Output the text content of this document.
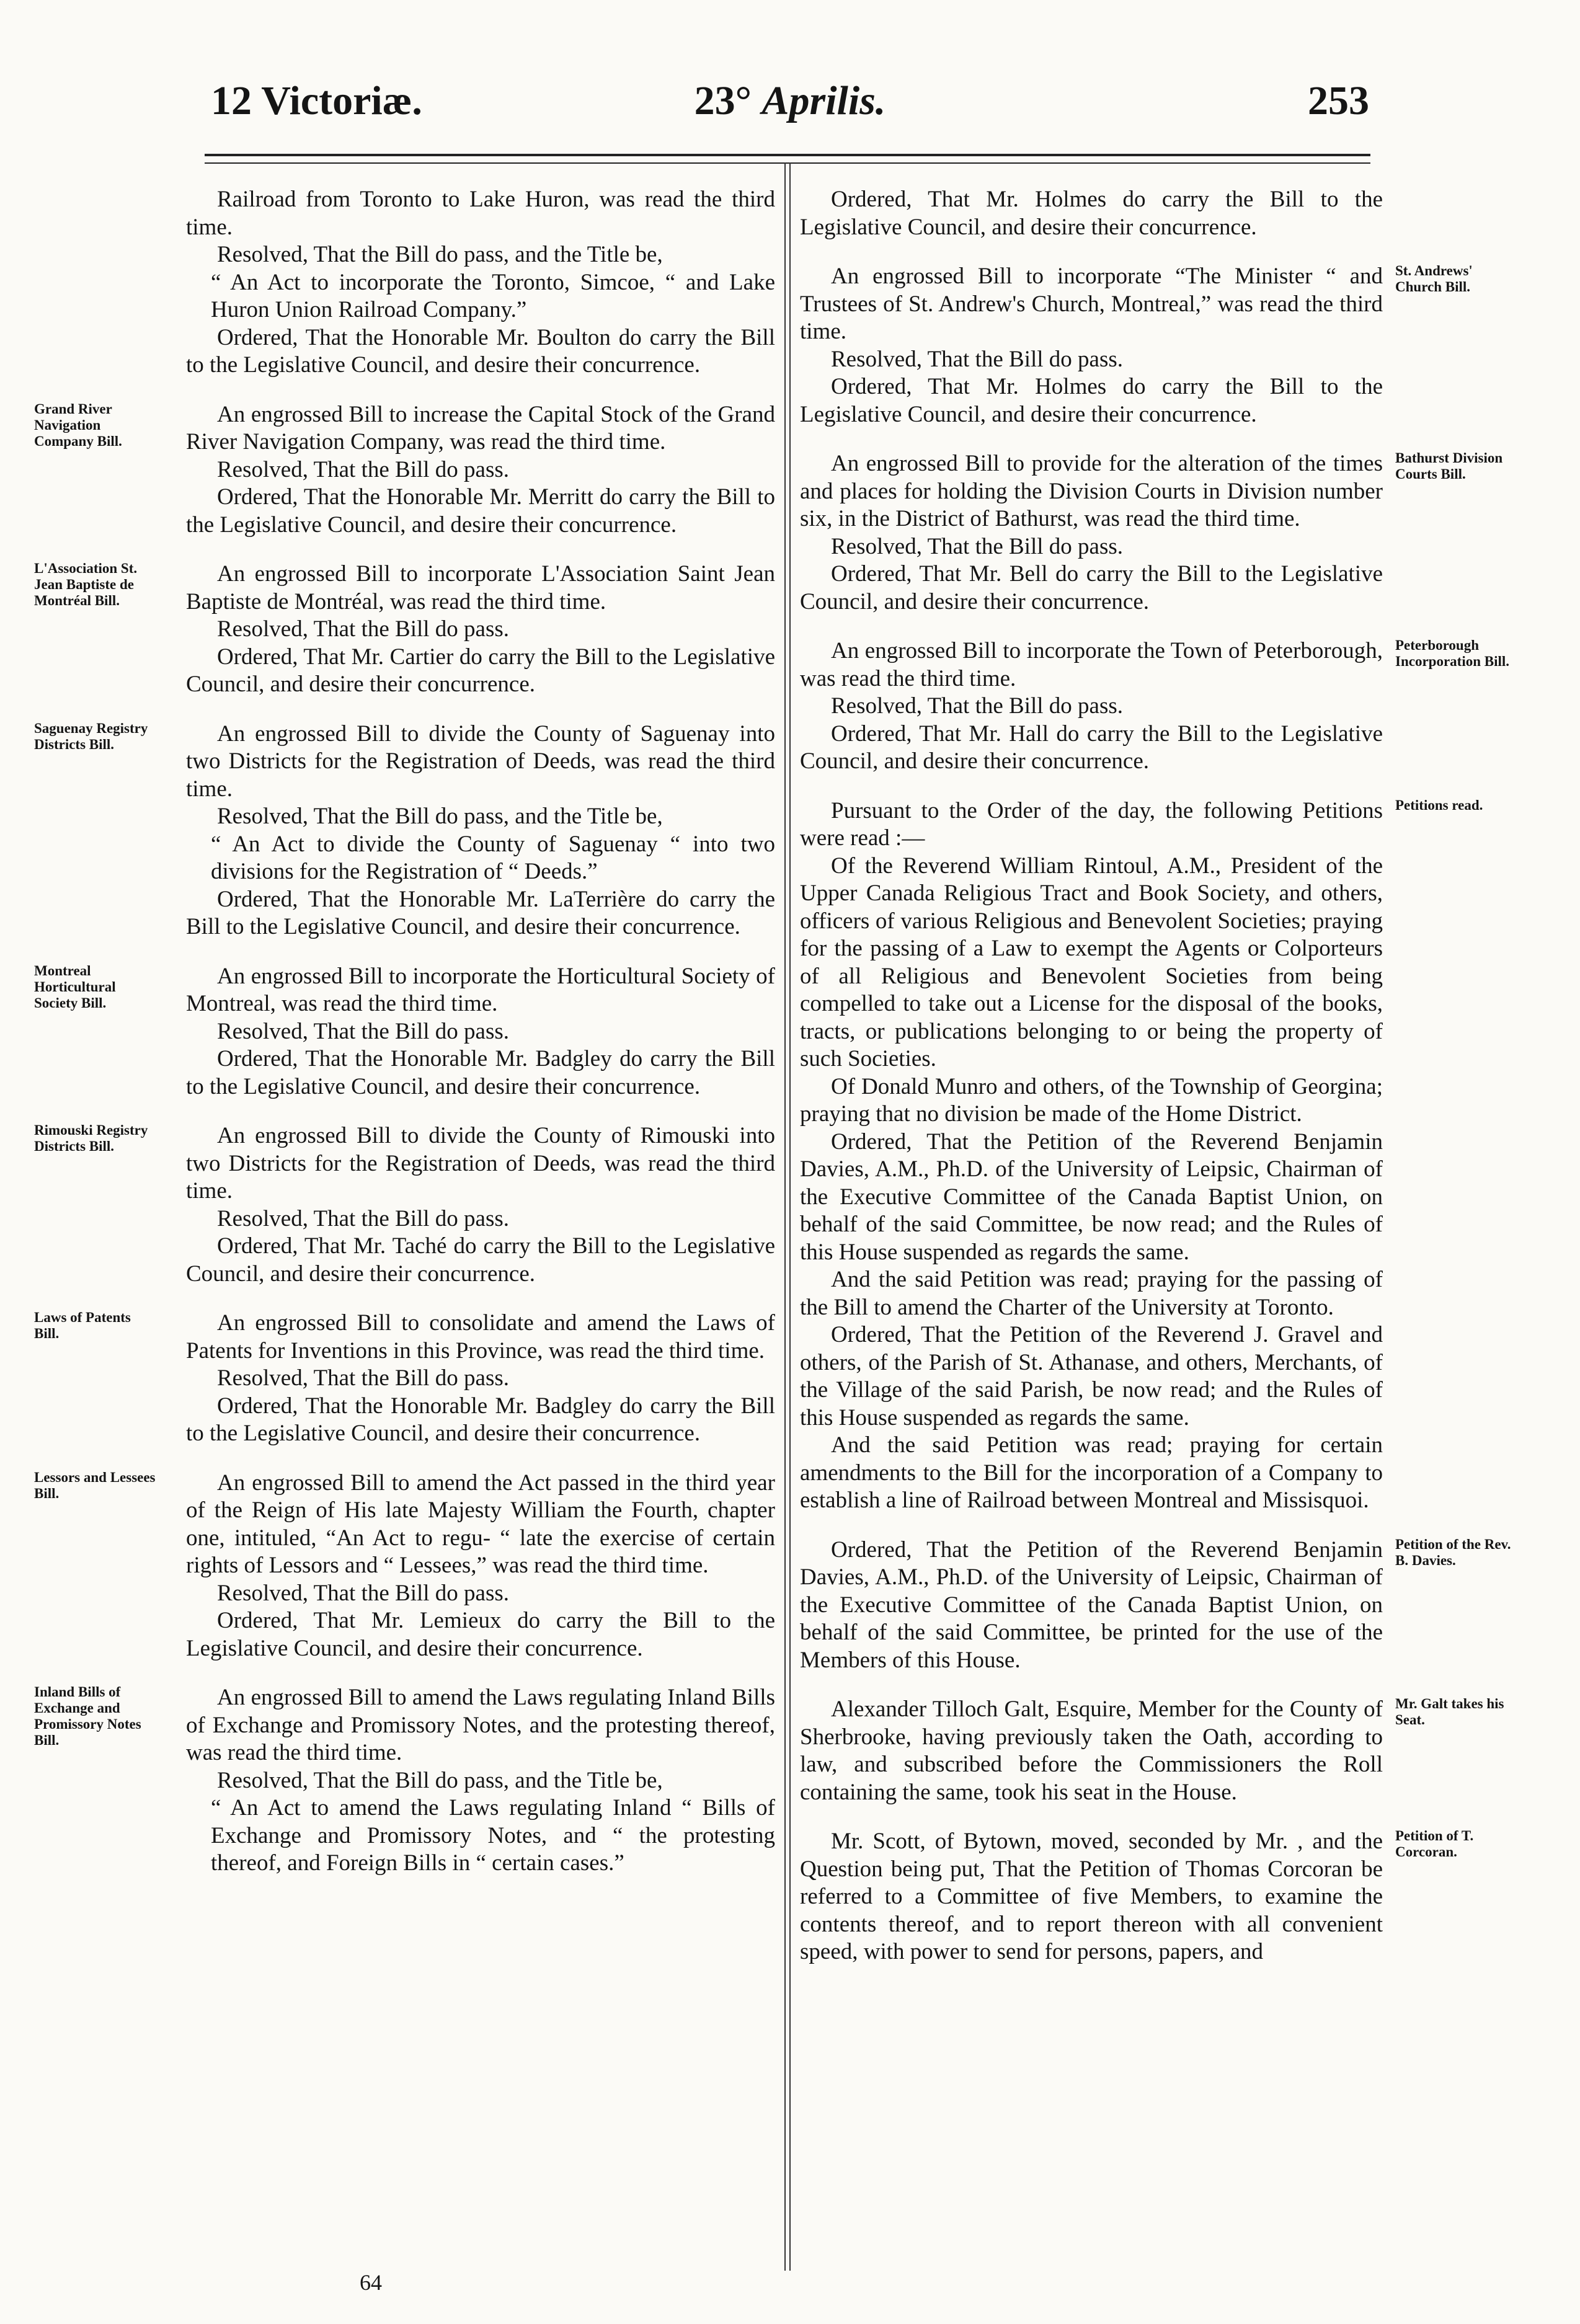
12 Victoriæ.	23° Aprilis.	253

Railroad from Toronto to Lake Huron, was read the third time.

Resolved, That the Bill do pass, and the Title be,

“ An Act to incorporate the Toronto, Simcoe, “ and Lake Huron Union Railroad Company.”

Ordered, That the Honorable Mr. Boulton do carry the Bill to the Legislative Council, and desire their concurrence.

Grand River Navigation Company Bill.

An engrossed Bill to increase the Capital Stock of the Grand River Navigation Company, was read the third time.

Resolved, That the Bill do pass.

Ordered, That the Honorable Mr. Merritt do carry the Bill to the Legislative Council, and desire their concurrence.

L'Association St. Jean Baptiste de Montréal Bill.

An engrossed Bill to incorporate L'Association Saint Jean Baptiste de Montréal, was read the third time.

Resolved, That the Bill do pass.

Ordered, That Mr. Cartier do carry the Bill to the Legislative Council, and desire their concurrence.

Saguenay Registry Districts Bill.	An engrossed Bill to divide the County of Saguenay into two Districts for the Registration of Deeds, was read the third time.

Resolved, That the Bill do pass, and the Title be,

“ An Act to divide the County of Saguenay “ into two divisions for the Registration of “ Deeds.”

Ordered, That the Honorable Mr. LaTerrière do carry the Bill to the Legislative Council, and desire their concurrence.

Montreal Horticultural Society Bill.

An engrossed Bill to incorporate the Horticultural Society of Montreal, was read the third time.

Resolved, That the Bill do pass.

Ordered, That the Honorable Mr. Badgley do carry the Bill to the Legislative Council, and desire their concurrence.

Rimouski Registry Districts Bill.	An engrossed Bill to divide the County of Rimouski into two Districts for the Registration of Deeds, was read the third time.

Resolved, That the Bill do pass.

Ordered, That Mr. Taché do carry the Bill to the Legislative Council, and desire their concurrence.

Laws of Patents Bill.	An engrossed Bill to consolidate and amend the Laws of Patents for Inventions in this Province, was read the third time.

Resolved, That the Bill do pass.

Ordered, That the Honorable Mr. Badgley do carry the Bill to the Legislative Council, and desire their concurrence.

Lessors and Lessees Bill.	An engrossed Bill to amend the Act passed in the third year of the Reign of His late Majesty William the Fourth, chapter one, intituled, “An Act to regu- “ late the exercise of certain rights of Lessors and “ Lessees,” was read the third time.

Resolved, That the Bill do pass.

Ordered, That Mr. Lemieux do carry the Bill to the Legislative Council, and desire their concurrence.

Inland Bills of Exchange and Promissory Notes Bill.

An engrossed Bill to amend the Laws regulating Inland Bills of Exchange and Promissory Notes, and the protesting thereof, was read the third time.

Resolved, That the Bill do pass, and the Title be,

“ An Act to amend the Laws regulating Inland “ Bills of Exchange and Promissory Notes, and “ the protesting thereof, and Foreign Bills in “ certain cases.”

Ordered, That Mr. Holmes do carry the Bill to the Legislative Council, and desire their concurrence.

St. Andrews' Church Bill.

An engrossed Bill to incorporate “The Minister “ and Trustees of St. Andrew's Church, Montreal,” was read the third time.

Resolved, That the Bill do pass.

Ordered, That Mr. Holmes do carry the Bill to the Legislative Council, and desire their concurrence.

Bathurst Division Courts Bill.

An engrossed Bill to provide for the alteration of the times and places for holding the Division Courts in Division number six, in the District of Bathurst, was read the third time.

Resolved, That the Bill do pass.

Ordered, That Mr. Bell do carry the Bill to the Legislative Council, and desire their concurrence.

Peterborough Incorporation Bill.

An engrossed Bill to incorporate the Town of Peterborough, was read the third time.

Resolved, That the Bill do pass.

Ordered, That Mr. Hall do carry the Bill to the Legislative Council, and desire their concurrence.

Petitions read.

Pursuant to the Order of the day, the following Petitions were read :—

Of the Reverend William Rintoul, A.M., President of the Upper Canada Religious Tract and Book Society, and others, officers of various Religious and Benevolent Societies; praying for the passing of a Law to exempt the Agents or Colporteurs of all Religious and Benevolent Societies from being compelled to take out a License for the disposal of the books, tracts, or publications belonging to or being the property of such Societies.

Of Donald Munro and others, of the Township of Georgina; praying that no division be made of the Home District.

Ordered, That the Petition of the Reverend Benjamin Davies, A.M., Ph.D. of the University of Leipsic, Chairman of the Executive Committee of the Canada Baptist Union, on behalf of the said Committee, be now read; and the Rules of this House suspended as regards the same.

And the said Petition was read; praying for the passing of the Bill to amend the Charter of the University at Toronto.

Ordered, That the Petition of the Reverend J. Gravel and others, of the Parish of St. Athanase, and others, Merchants, of the Village of the said Parish, be now read; and the Rules of this House suspended as regards the same.

And the said Petition was read; praying for certain amendments to the Bill for the incorporation of a Company to establish a line of Railroad between Montreal and Missisquoi.

Petition of the Rev. B. Davies.

Ordered, That the Petition of the Reverend Benjamin Davies, A.M., Ph.D. of the University of Leipsic, Chairman of the Executive Committee of the Canada Baptist Union, on behalf of the said Committee, be printed for the use of the Members of this House.

Mr. Galt takes his Seat.

Alexander Tilloch Galt, Esquire, Member for the County of Sherbrooke, having previously taken the Oath, according to law, and subscribed before the Commissioners the Roll containing the same, took his seat in the House.

Petition of T. Corcoran.

Mr. Scott, of Bytown, moved, seconded by Mr. , and the Question being put, That the Petition of Thomas Corcoran be referred to a Committee of five Members, to examine the contents thereof, and to report thereon with all convenient speed, with power to send for persons, papers, and

64
